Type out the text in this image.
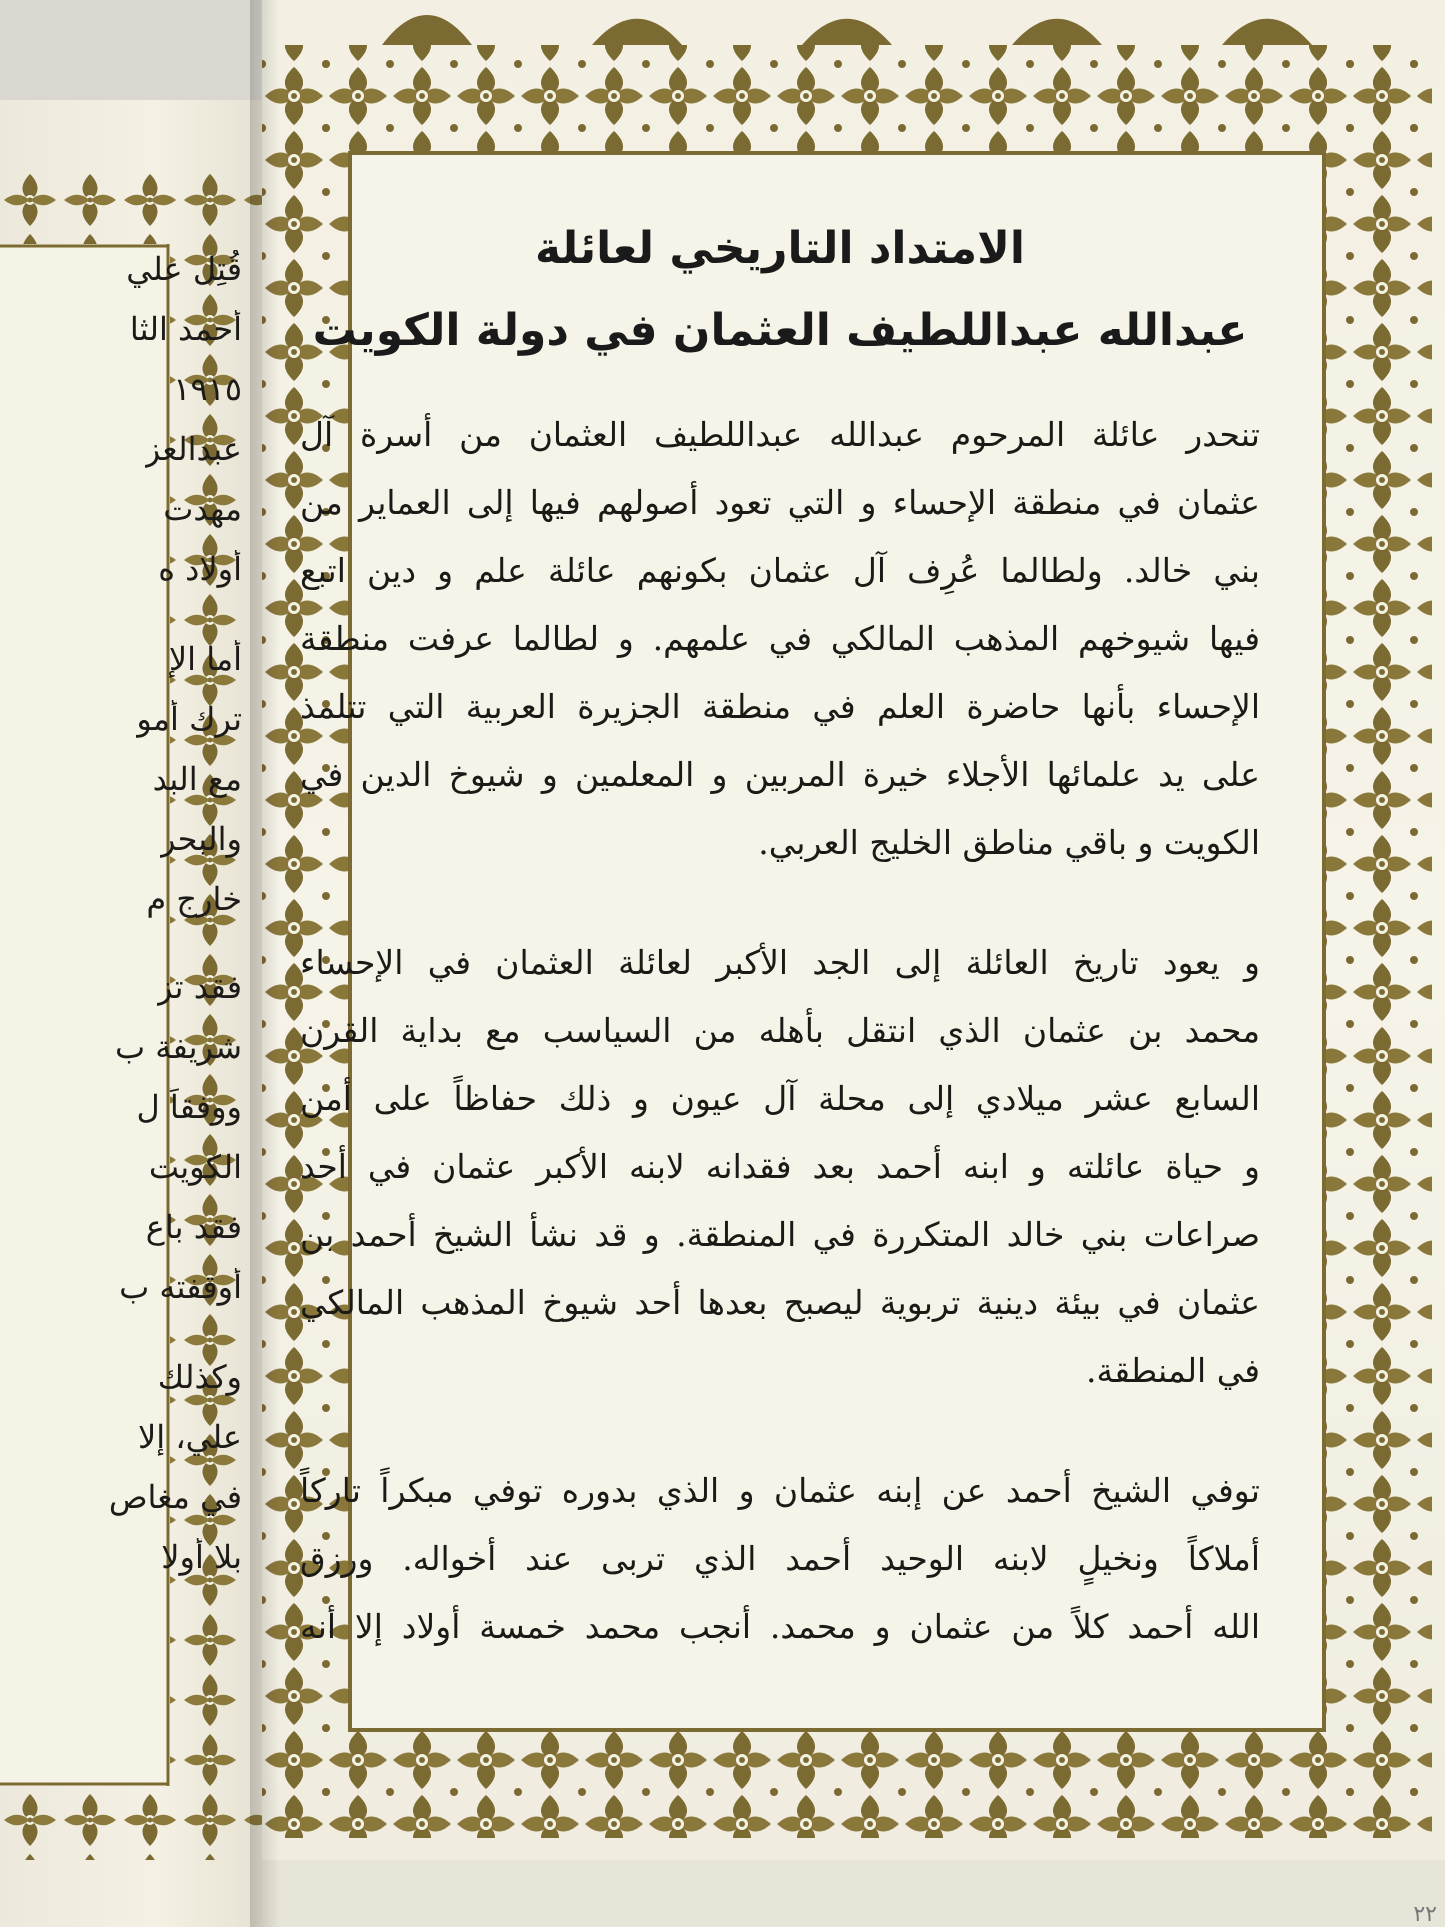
قُتِل علي
أحمد الثا
١٩١٥
عبدالعز
مهدت
أولاد ه
أما الإ
ترك أمو
مع البد
والبحر
خارج م
فقد تز
شريفة ب
ووفقاً ل
الكويت
فقد باع
أوقفته ب
وكذلك
علي، إلا
في مغاص
بلا أولا
الامتداد التاريخي لعائلة
عبدالله عبداللطيف العثمان في دولة الكويت
تنحدر عائلة المرحوم عبدالله عبداللطيف العثمان من أسرة آل
عثمان في منطقة الإحساء و التي تعود أصولهم فيها إلى العماير من
بني خالد. ولطالما عُرِف آل عثمان بكونهم عائلة علم و دين اتبع
فيها شيوخهم المذهب المالكي في علمهم. و لطالما عرفت منطقة
الإحساء بأنها حاضرة العلم في منطقة الجزيرة العربية التي تتلمذ
على يد علمائها الأجلاء خيرة المربين و المعلمين و شيوخ الدين في
الكويت و باقي مناطق الخليج العربي.
و يعود تاريخ العائلة إلى الجد الأكبر لعائلة العثمان في الإحساء
محمد بن عثمان الذي انتقل بأهله من السياسب مع بداية القرن
السابع عشر ميلادي إلى محلة آل عيون و ذلك حفاظاً على أمن
و حياة عائلته و ابنه أحمد بعد فقدانه لابنه الأكبر عثمان في أحد
صراعات بني خالد المتكررة في المنطقة. و قد نشأ الشيخ أحمد بن
عثمان في بيئة دينية تربوية ليصبح بعدها أحد شيوخ المذهب المالكي
في المنطقة.
توفي الشيخ أحمد عن إبنه عثمان و الذي بدوره توفي مبكراً تاركاً
أملاكاً ونخيلٍ لابنه الوحيد أحمد الذي تربى عند أخواله. ورزق
الله أحمد كلاً من عثمان و محمد. أنجب محمد خمسة أولاد إلا أنه
٢٢
